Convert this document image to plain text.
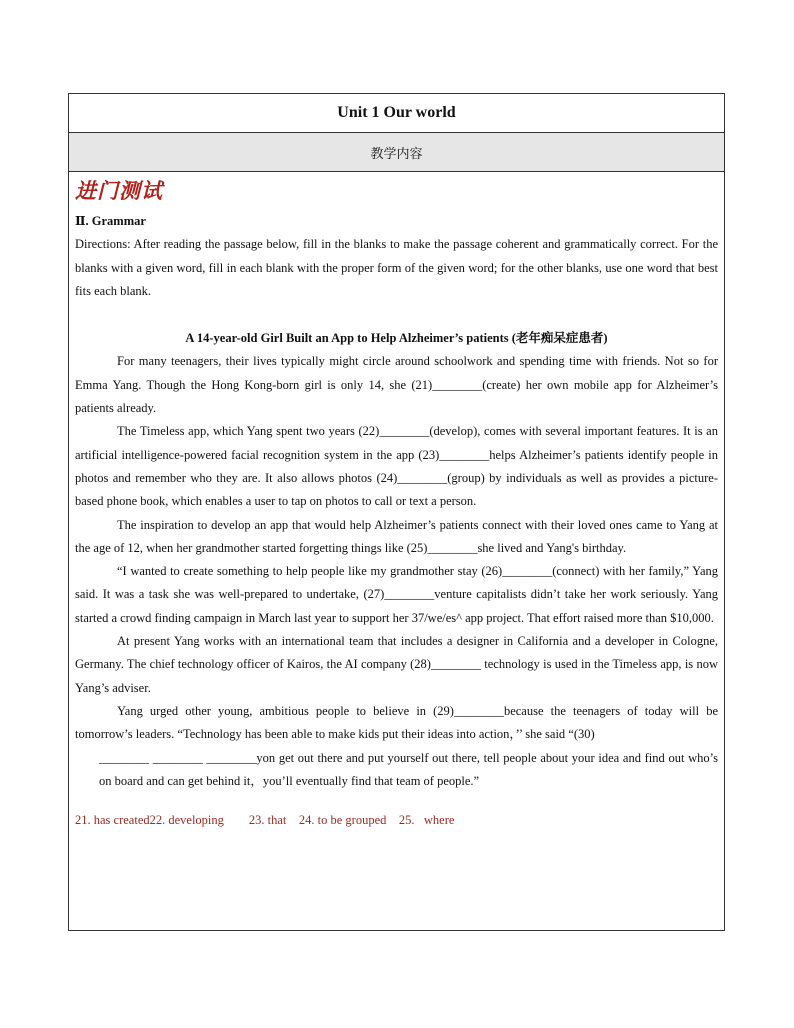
Unit 1 Our world
教学内容
进门测试
Ⅱ. Grammar
Directions: After reading the passage below, fill in the blanks to make the passage coherent and grammatically correct. For the blanks with a given word, fill in each blank with the proper form of the given word; for the other blanks, use one word that best fits each blank.
A 14-year-old Girl Built an App to Help Alzheimer’s patients (老年痴呆症患者)
For many teenagers, their lives typically might circle around schoolwork and spending time with friends. Not so for Emma Yang. Though the Hong Kong-born girl is only 14, she (21)________(create) her own mobile app for Alzheimer’s patients already.
The Timeless app, which Yang spent two years (22)________(develop), comes with several important features. It is an artificial intelligence-powered facial recognition system in the app (23)________helps Alzheimer’s patients identify people in photos and remember who they are. It also allows photos (24)________(group) by individuals as well as provides a picture-based phone book, which enables a user to tap on photos to call or text a person.
The inspiration to develop an app that would help Alzheimer’s patients connect with their loved ones came to Yang at the age of 12, when her grandmother started forgetting things like (25)________she lived and Yang's birthday.
“I wanted to create something to help people like my grandmother stay (26)________(connect) with her family,” Yang said. It was a task she was well-prepared to undertake, (27)________venture capitalists didn’t take her work seriously. Yang started a crowd finding campaign in March last year to support her 37/we/es^ app project. That effort raised more than $10,000.
At present Yang works with an international team that includes a designer in California and a developer in Cologne, Germany. The chief technology officer of Kairos, the AI company (28)________ technology is used in the Timeless app, is now Yang’s adviser.
Yang urged other young, ambitious people to believe in (29)________because the teenagers of today will be tomorrow’s leaders. “Technology has been able to make kids put their ideas into action，’’ she said “(30)
________ ________ ________yon get out there and put yourself out there, tell people about your idea and find out who’s on board and can get behind it，you’ll eventually find that team of people.”
21. has created22. developing        23. that    24. to be grouped    25.   where
